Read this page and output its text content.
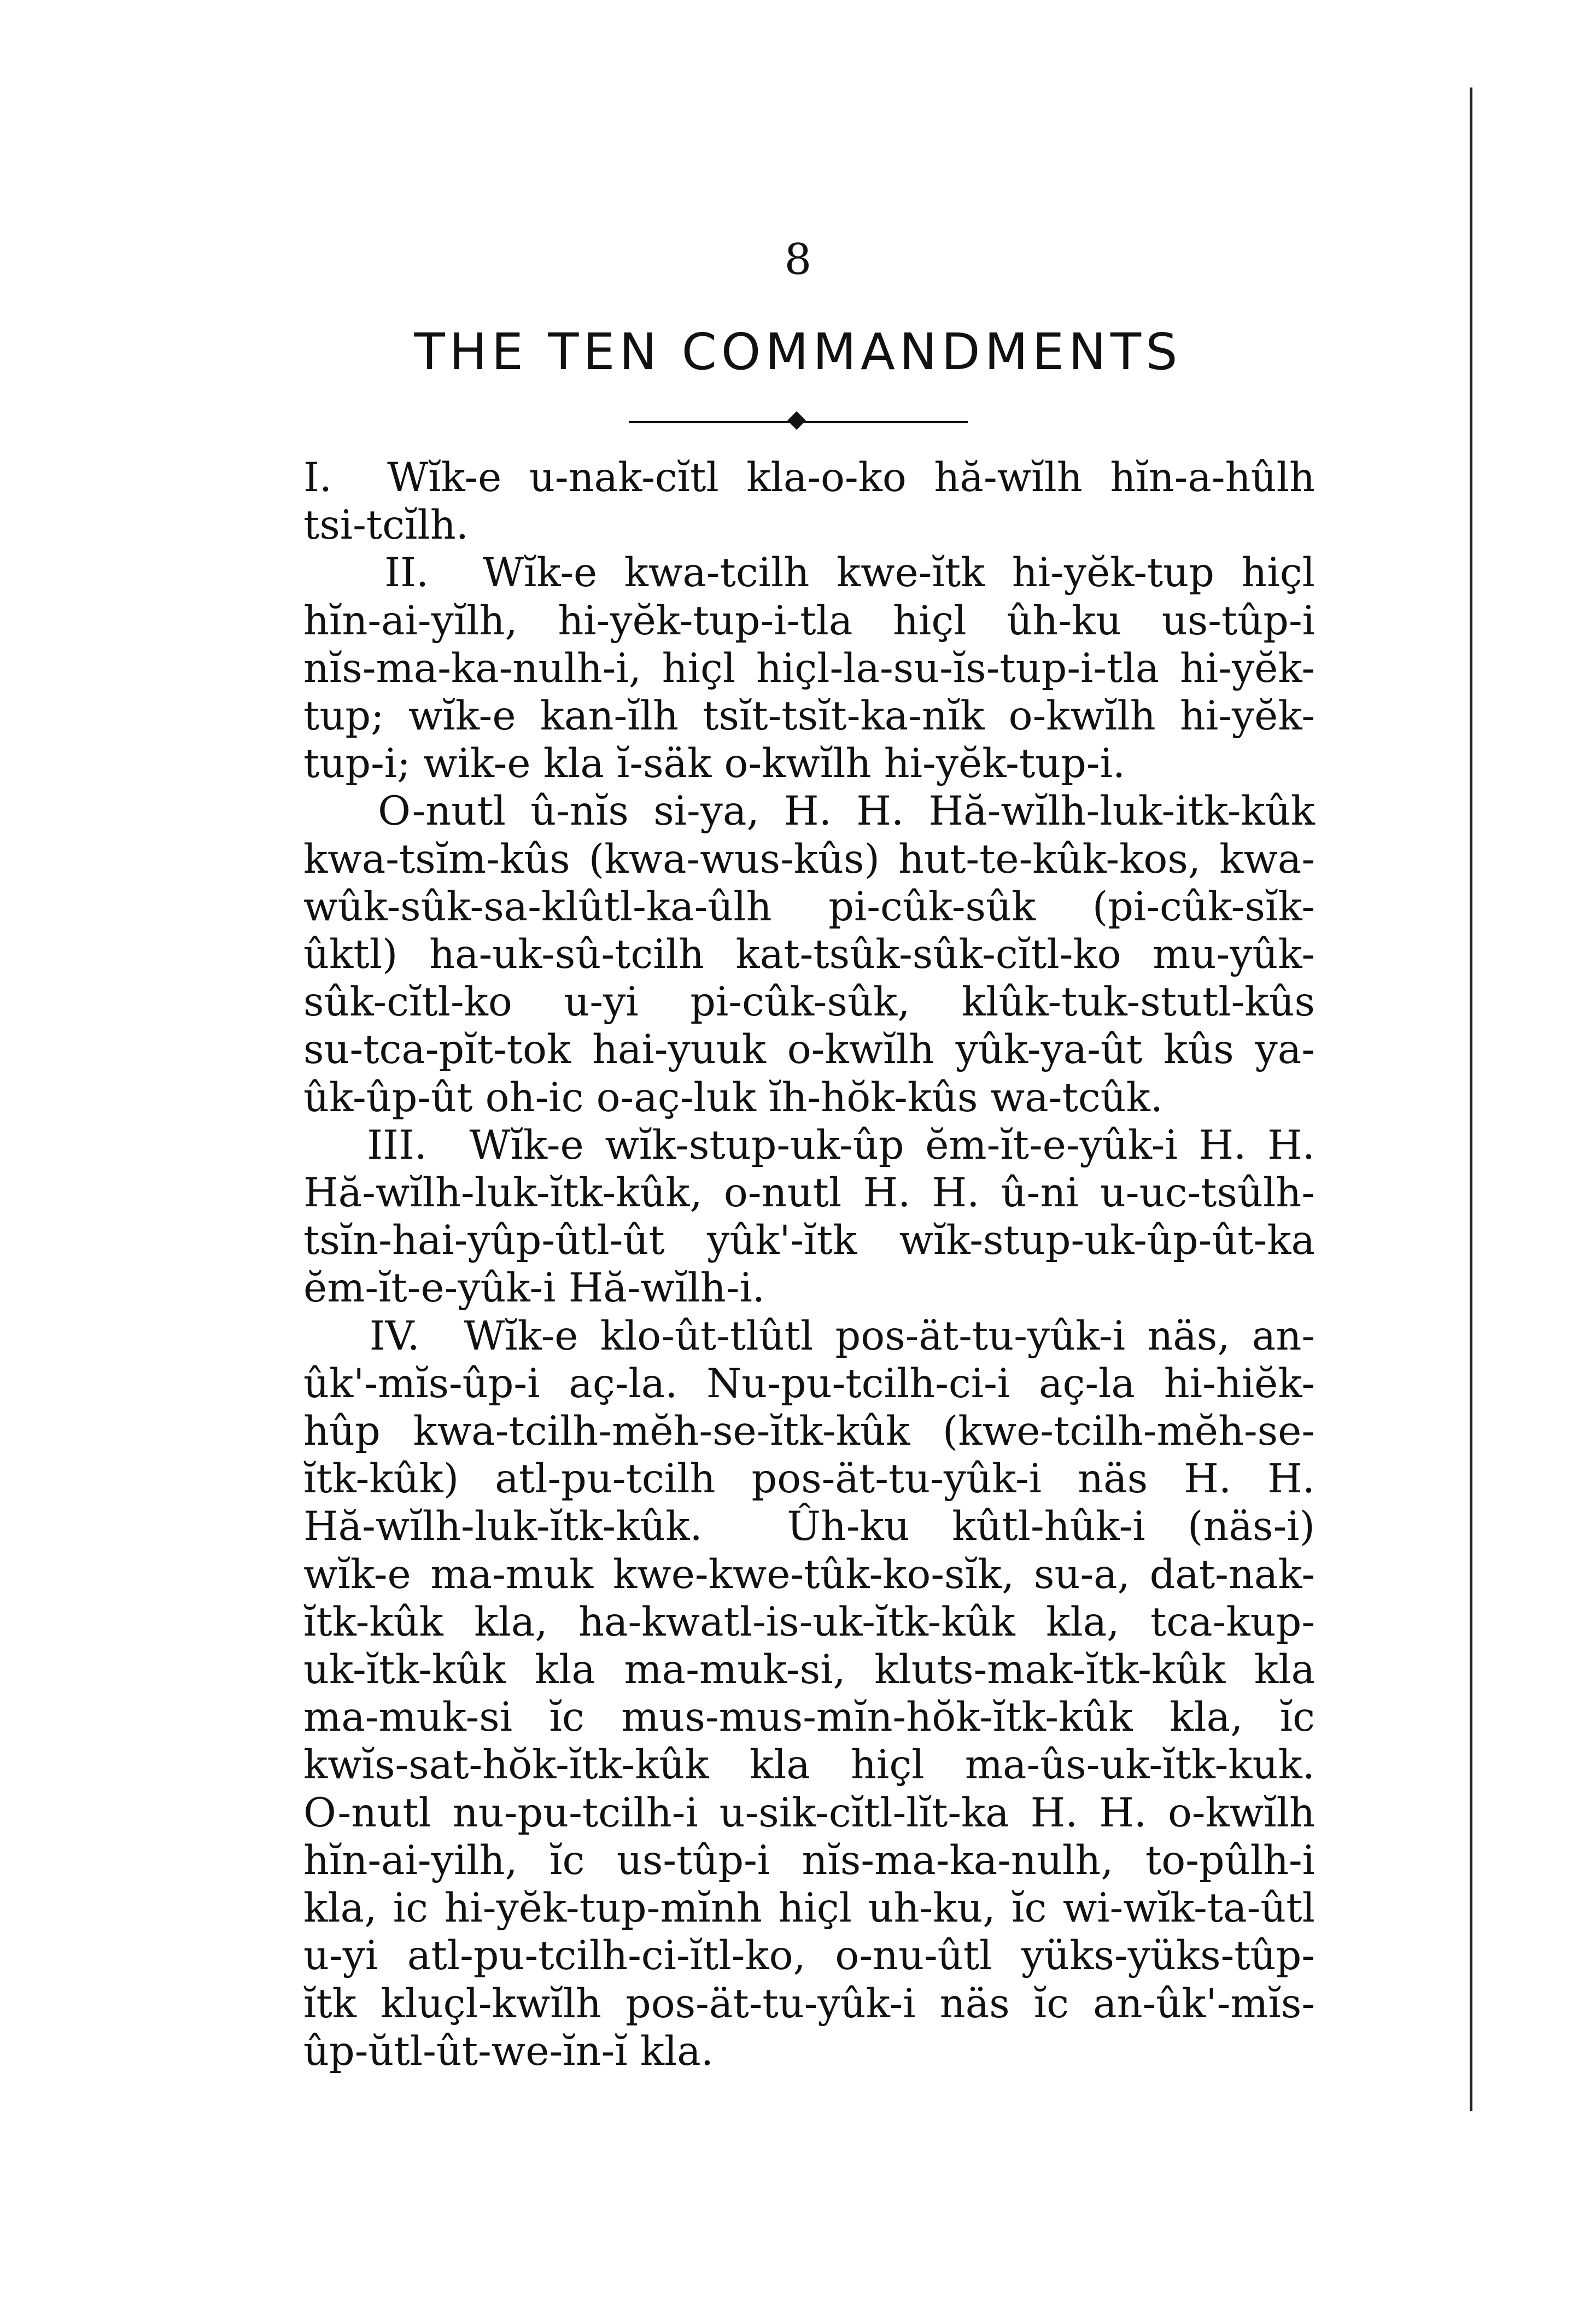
8
THE TEN COMMANDMENTS
I.  Wĭk-e u-nak-cĭtl kla-o-ko hă-wĭlh hĭn-a-hûlh
tsi-tcĭlh.
II.  Wĭk-e kwa-tcilh kwe-ĭtk hi-yĕk-tup hiçl
hĭn-ai-yĭlh, hi-yĕk-tup-i-tla hiçl ûh-ku us-tûp-i
nĭs-ma-ka-nulh-i, hiçl hiçl-la-su-ĭs-tup-i-tla hi-yĕk-
tup; wĭk-e kan-ĭlh tsĭt-tsĭt-ka-nĭk o-kwĭlh hi-yĕk-
tup-i; wik-e kla ĭ-säk o-kwĭlh hi-yĕk-tup-i.
O-nutl û-nĭs si-ya, H. H. Hă-wĭlh-luk-itk-kûk
kwa-tsĭm-kûs (kwa-wus-kûs) hut-te-kûk-kos, kwa-
wûk-sûk-sa-klûtl-ka-ûlh pi-cûk-sûk (pi-cûk-sĭk-
ûktl) ha-uk-sû-tcilh kat-tsûk-sûk-cĭtl-ko mu-yûk-
sûk-cĭtl-ko u-yi pi-cûk-sûk, klûk-tuk-stutl-kûs
su-tca-pĭt-tok hai-yuuk o-kwĭlh yûk-ya-ût kûs ya-
ûk-ûp-ût oh-ic o-aç-luk ĭh-hŏk-kûs wa-tcûk.
III.  Wĭk-e wĭk-stup-uk-ûp ĕm-ĭt-e-yûk-i H. H.
Hă-wĭlh-luk-ĭtk-kûk, o-nutl H. H. û-ni u-uc-tsûlh-
tsĭn-hai-yûp-ûtl-ût yûk'-ĭtk wĭk-stup-uk-ûp-ût-ka
ĕm-ĭt-e-yûk-i Hă-wĭlh-i.
IV.  Wĭk-e klo-ût-tlûtl pos-ät-tu-yûk-i näs, an-
ûk'-mĭs-ûp-i aç-la. Nu-pu-tcilh-ci-i aç-la hi-hiĕk-
hûp kwa-tcilh-mĕh-se-ĭtk-kûk (kwe-tcilh-mĕh-se-
ĭtk-kûk) atl-pu-tcilh pos-ät-tu-yûk-i näs H. H.
Hă-wĭlh-luk-ĭtk-kûk.  Ûh-ku kûtl-hûk-i (näs-i)
wĭk-e ma-muk kwe-kwe-tûk-ko-sĭk, su-a, dat-nak-
ĭtk-kûk kla, ha-kwatl-is-uk-ĭtk-kûk kla, tca-kup-
uk-ĭtk-kûk kla ma-muk-si, kluts-mak-ĭtk-kûk kla
ma-muk-si ĭc mus-mus-mĭn-hŏk-ĭtk-kûk kla, ĭc
kwĭs-sat-hŏk-ĭtk-kûk kla hiçl ma-ûs-uk-ĭtk-kuk.
O-nutl nu-pu-tcilh-i u-sik-cĭtl-lĭt-ka H. H. o-kwĭlh
hĭn-ai-yilh, ĭc us-tûp-i nĭs-ma-ka-nulh, to-pûlh-i
kla, ic hi-yĕk-tup-mĭnh hiçl uh-ku, ĭc wi-wĭk-ta-ûtl
u-yi atl-pu-tcilh-ci-ĭtl-ko, o-nu-ûtl yüks-yüks-tûp-
ĭtk kluçl-kwĭlh pos-ät-tu-yûk-i näs ĭc an-ûk'-mĭs-
ûp-ŭtl-ût-we-ĭn-ĭ kla.
